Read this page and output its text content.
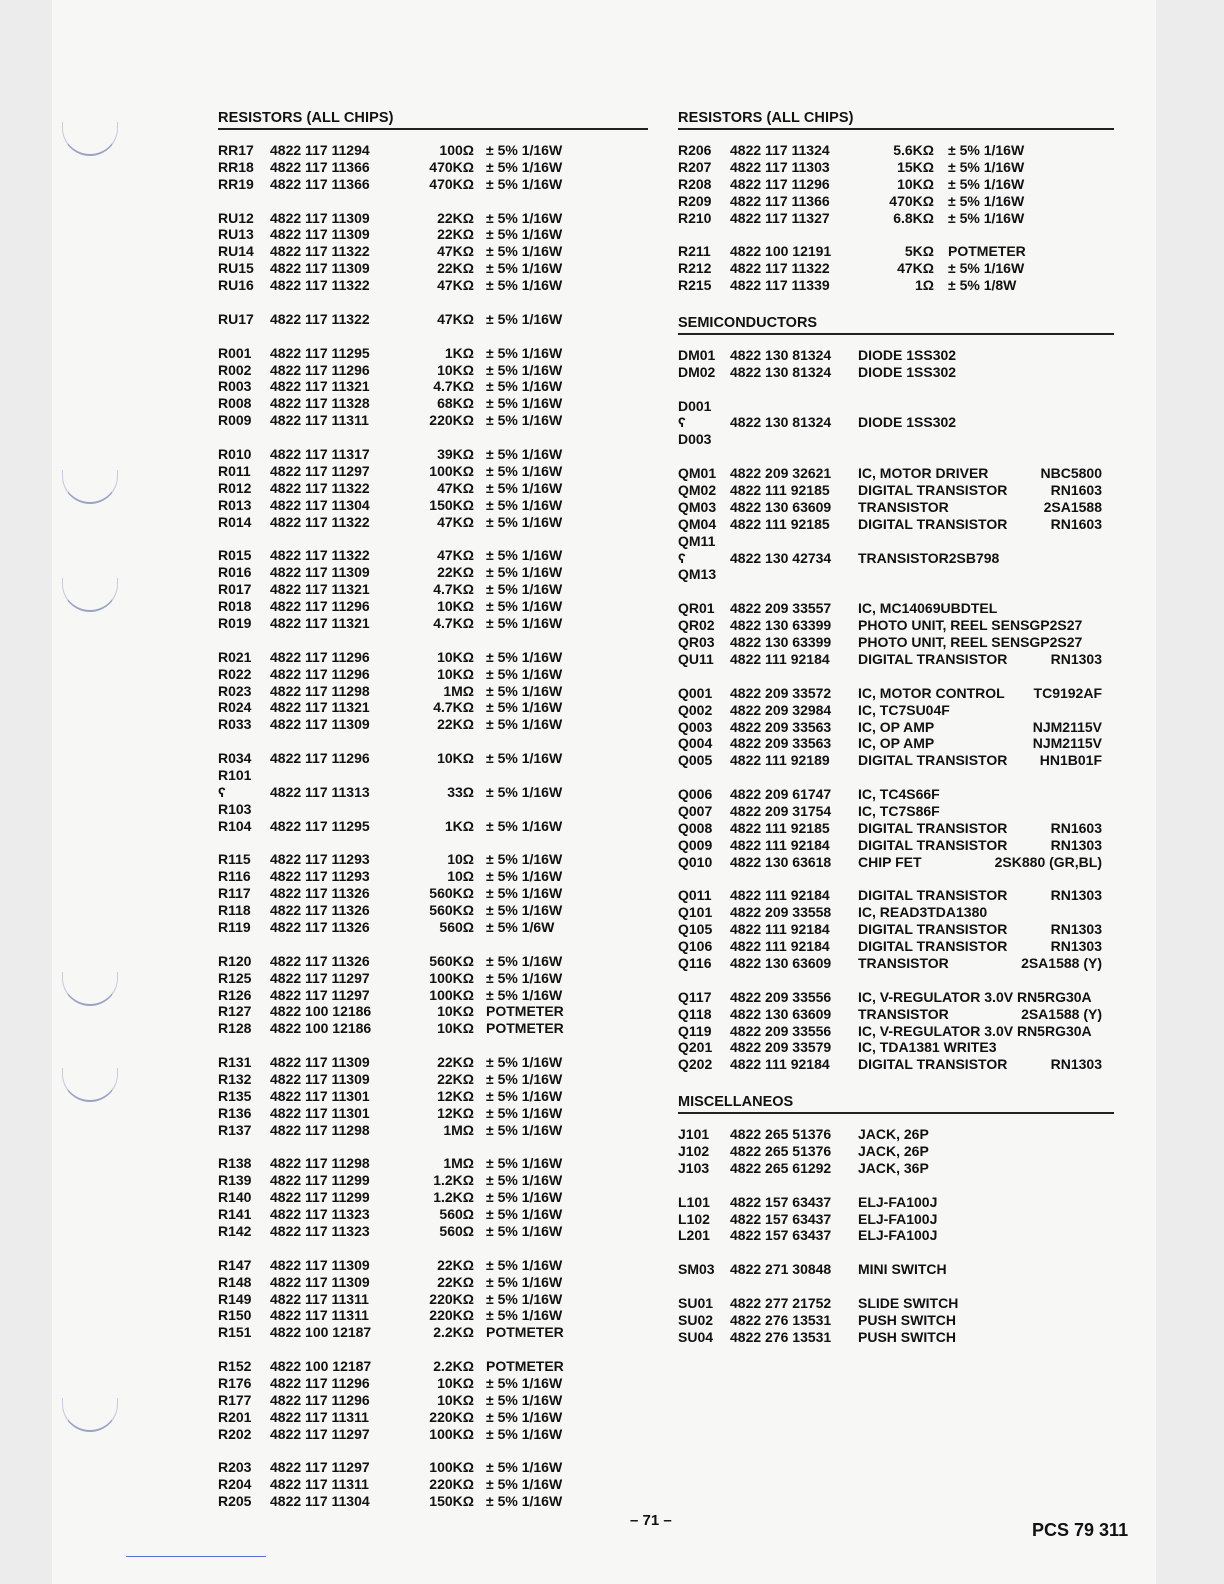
RESISTORS (ALL CHIPS)
RR17 4822 117 11294	100Ω ± 5% 1/16W
RR18 4822 117 11366	470KΩ ± 5% 1/16W
RR19 4822 117 11366	470KΩ ± 5% 1/16W
RU12 4822 117 11309	22KΩ ± 5% 1/16W
RU13 4822 117 11309	22KΩ ± 5% 1/16W
RU14 4822 117 11322	47KΩ ± 5% 1/16W
RU15 4822 117 11309	22KΩ ± 5% 1/16W
RU16 4822 117 11322	47KΩ ± 5% 1/16W
RU17 4822 117 11322	47KΩ ± 5% 1/16W
R001 4822 117 11295	1KΩ ± 5% 1/16W
R002 4822 117 11296	10KΩ ± 5% 1/16W
R003 4822 117 11321	4.7KΩ ± 5% 1/16W
R008 4822 117 11328	68KΩ ± 5% 1/16W
R009 4822 117 11311	220KΩ ± 5% 1/16W
R010 4822 117 11317	39KΩ ± 5% 1/16W
R011 4822 117 11297	100KΩ ± 5% 1/16W
R012 4822 117 11322	47KΩ ± 5% 1/16W
R013 4822 117 11304	150KΩ ± 5% 1/16W
R014 4822 117 11322	47KΩ ± 5% 1/16W
R015 4822 117 11322	47KΩ ± 5% 1/16W
R016 4822 117 11309	22KΩ ± 5% 1/16W
R017 4822 117 11321	4.7KΩ ± 5% 1/16W
R018 4822 117 11296	10KΩ ± 5% 1/16W
R019 4822 117 11321	4.7KΩ ± 5% 1/16W
R021 4822 117 11296	10KΩ ± 5% 1/16W
R022 4822 117 11296	10KΩ ± 5% 1/16W
R023 4822 117 11298	1MΩ ± 5% 1/16W
R024 4822 117 11321	4.7KΩ ± 5% 1/16W
R033 4822 117 11309	22KΩ ± 5% 1/16W
R034 4822 117 11296	10KΩ ± 5% 1/16W
R101
ʕ	4822 117 11313	33Ω ± 5% 1/16W
R103
R104 4822 117 11295	1KΩ ± 5% 1/16W
R115 4822 117 11293	10Ω ± 5% 1/16W
R116 4822 117 11293	10Ω ± 5% 1/16W
R117 4822 117 11326	560KΩ ± 5% 1/16W
R118 4822 117 11326	560KΩ ± 5% 1/16W
R119 4822 117 11326	560Ω ± 5% 1/6W
R120 4822 117 11326	560KΩ ± 5% 1/16W
R125 4822 117 11297	100KΩ ± 5% 1/16W
R126 4822 117 11297	100KΩ ± 5% 1/16W
R127 4822 100 12186	10KΩ POTMETER
R128 4822 100 12186	10KΩ POTMETER
R131 4822 117 11309	22KΩ ± 5% 1/16W
R132 4822 117 11309	22KΩ ± 5% 1/16W
R135 4822 117 11301	12KΩ ± 5% 1/16W
R136 4822 117 11301	12KΩ ± 5% 1/16W
R137 4822 117 11298	1MΩ ± 5% 1/16W
R138 4822 117 11298	1MΩ ± 5% 1/16W
R139 4822 117 11299	1.2KΩ ± 5% 1/16W
R140 4822 117 11299	1.2KΩ ± 5% 1/16W
R141 4822 117 11323	560Ω ± 5% 1/16W
R142 4822 117 11323	560Ω ± 5% 1/16W
R147 4822 117 11309	22KΩ ± 5% 1/16W
R148 4822 117 11309	22KΩ ± 5% 1/16W
R149 4822 117 11311	220KΩ ± 5% 1/16W
R150 4822 117 11311	220KΩ ± 5% 1/16W
R151 4822 100 12187	2.2KΩ POTMETER
R152 4822 100 12187	2.2KΩ POTMETER
R176 4822 117 11296	10KΩ ± 5% 1/16W
R177 4822 117 11296	10KΩ ± 5% 1/16W
R201 4822 117 11311	220KΩ ± 5% 1/16W
R202 4822 117 11297	100KΩ ± 5% 1/16W
R203 4822 117 11297	100KΩ ± 5% 1/16W
R204 4822 117 11311	220KΩ ± 5% 1/16W
R205 4822 117 11304	150KΩ ± 5% 1/16W
RESISTORS (ALL CHIPS)
R206 4822 117 11324	5.6KΩ ± 5% 1/16W
R207 4822 117 11303	15KΩ ± 5% 1/16W
R208 4822 117 11296	10KΩ ± 5% 1/16W
R209 4822 117 11366	470KΩ ± 5% 1/16W
R210 4822 117 11327	6.8KΩ ± 5% 1/16W
R211 4822 100 12191	5KΩ POTMETER
R212 4822 117 11322	47KΩ ± 5% 1/16W
R215 4822 117 11339	1Ω ± 5% 1/8W
SEMICONDUCTORS
DM01 4822 130 81324 DIODE 1SS302
DM02 4822 130 81324 DIODE 1SS302
D001
ʕ	4822 130 81324 DIODE 1SS302
D003
QM01 4822 209 32621 IC, MOTOR DRIVER	NBC5800
QM02 4822 111 92185 DIGITAL TRANSISTOR	RN1603
QM03 4822 130 63609 TRANSISTOR	2SA1588
QM04 4822 111 92185 DIGITAL TRANSISTOR	RN1603
QM11
ʕ	4822 130 42734 TRANSISTOR2SB798
QM13
QR01 4822 209 33557 IC, MC14069UBDTEL
QR02 4822 130 63399 PHOTO UNIT, REEL SENSGP2S27
QR03 4822 130 63399 PHOTO UNIT, REEL SENSGP2S27
QU11 4822 111 92184 DIGITAL TRANSISTOR	RN1303
Q001 4822 209 33572 IC, MOTOR CONTROL TC9192AF
Q002 4822 209 32984 IC, TC7SU04F
Q003 4822 209 33563 IC, OP AMP	NJM2115V
Q004 4822 209 33563 IC, OP AMP	NJM2115V
Q005 4822 111 92189 DIGITAL TRANSISTOR HN1B01F
Q006 4822 209 61747 IC, TC4S66F
Q007 4822 209 31754 IC, TC7S86F
Q008 4822 111 92185 DIGITAL TRANSISTOR	RN1603
Q009 4822 111 92184 DIGITAL TRANSISTOR	RN1303
Q010 4822 130 63618 CHIP FET	2SK880 (GR,BL)
Q011 4822 111 92184 DIGITAL TRANSISTOR	RN1303
Q101 4822 209 33558 IC, READ3TDA1380
Q105 4822 111 92184 DIGITAL TRANSISTOR	RN1303
Q106 4822 111 92184 DIGITAL TRANSISTOR	RN1303
Q116 4822 130 63609 TRANSISTOR	2SA1588 (Y)
Q117 4822 209 33556 IC, V-REGULATOR 3.0V RN5RG30A
Q118 4822 130 63609 TRANSISTOR	2SA1588 (Y)
Q119 4822 209 33556 IC, V-REGULATOR 3.0V RN5RG30A
Q201 4822 209 33579 IC, TDA1381 WRITE3
Q202 4822 111 92184 DIGITAL TRANSISTOR	RN1303
MISCELLANEOS
J101 4822 265 51376 JACK, 26P
J102 4822 265 51376 JACK, 26P
J103 4822 265 61292 JACK, 36P
L101 4822 157 63437 ELJ-FA100J
L102 4822 157 63437 ELJ-FA100J
L201 4822 157 63437 ELJ-FA100J
SM03 4822 271 30848 MINI SWITCH
SU01 4822 277 21752 SLIDE SWITCH
SU02 4822 276 13531 PUSH SWITCH
SU04 4822 276 13531 PUSH SWITCH
– 71 –	PCS 79 311
